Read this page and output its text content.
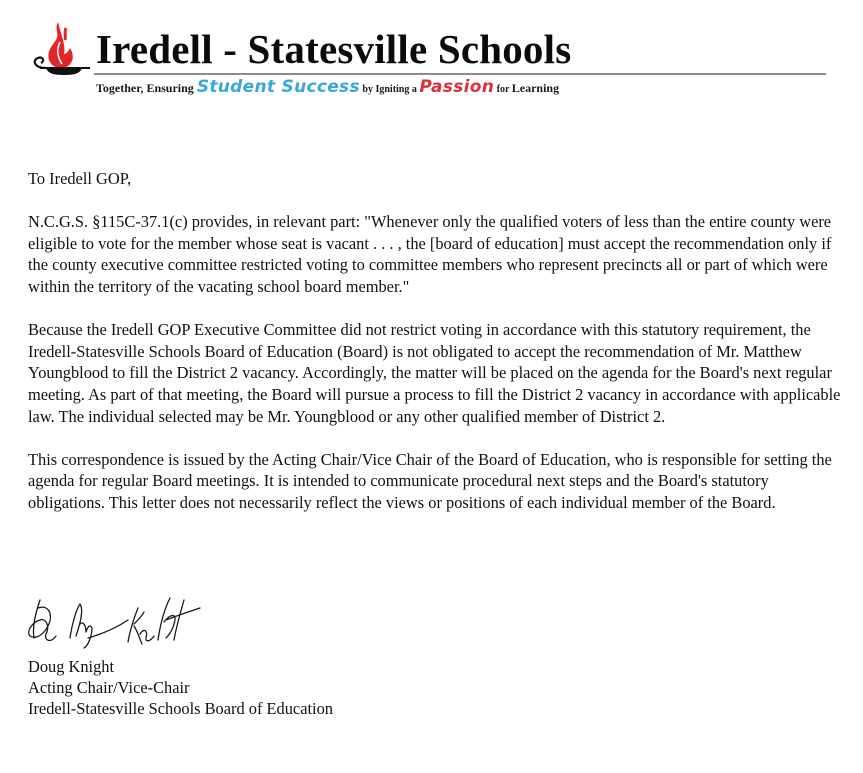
Iredell - Statesville Schools
Together, Ensuring Student Success by Igniting a Passion for Learning

To Iredell GOP,

N.C.G.S. §115C-37.1(c) provides, in relevant part: "Whenever only the qualified voters of less than the entire county were eligible to vote for the member whose seat is vacant . . . , the [board of education] must accept the recommendation only if the county executive committee restricted voting to committee members who represent precincts all or part of which were within the territory of the vacating school board member."

Because the Iredell GOP Executive Committee did not restrict voting in accordance with this statutory requirement, the Iredell-Statesville Schools Board of Education (Board) is not obligated to accept the recommendation of Mr. Matthew Youngblood to fill the District 2 vacancy. Accordingly, the matter will be placed on the agenda for the Board's next regular meeting. As part of that meeting, the Board will pursue a process to fill the District 2 vacancy in accordance with applicable law. The individual selected may be Mr. Youngblood or any other qualified member of District 2.

This correspondence is issued by the Acting Chair/Vice Chair of the Board of Education, who is responsible for setting the agenda for regular Board meetings. It is intended to communicate procedural next steps and the Board's statutory obligations. This letter does not necessarily reflect the views or positions of each individual member of the Board.

Doug Knight
Acting Chair/Vice-Chair
Iredell-Statesville Schools Board of Education
